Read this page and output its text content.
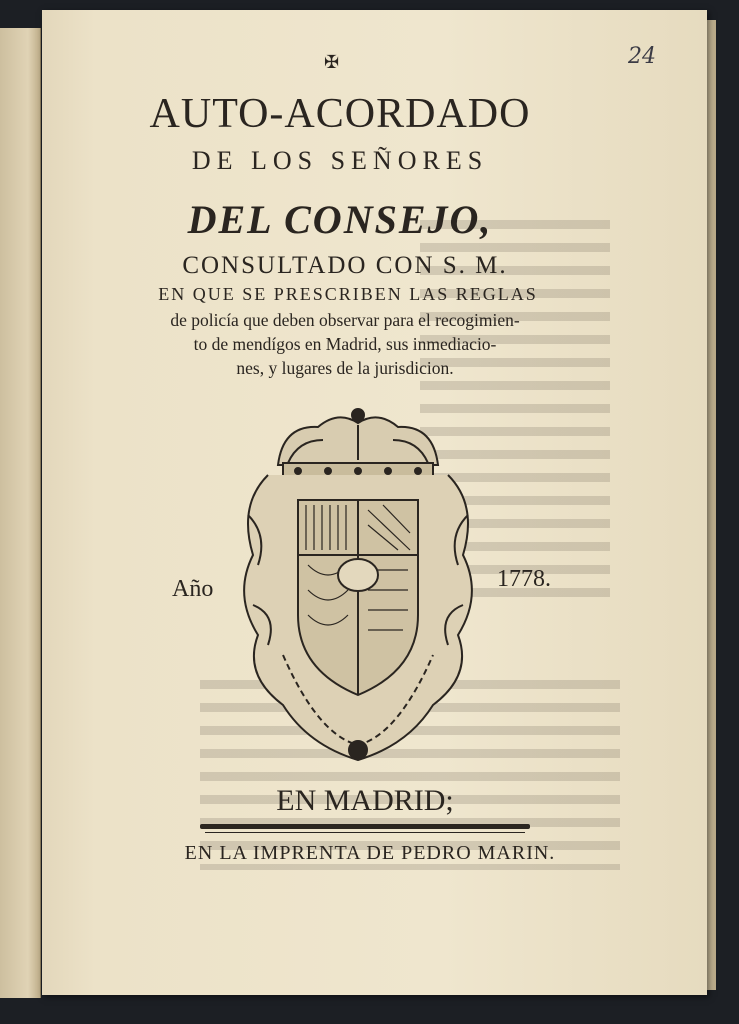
24
✠
AUTO-ACORDADO
DE LOS SEÑORES
DEL CONSEJO,
CONSULTADO CON S. M.
EN QUE SE PRESCRIBEN LAS REGLAS
de policía que deben observar para el recogimien-
to de mendígos en Madrid, sus inmediacio-
nes, y lugares de la jurisdicion.
Año	1778.
EN MADRID;
EN LA IMPRENTA DE PEDRO MARIN.
